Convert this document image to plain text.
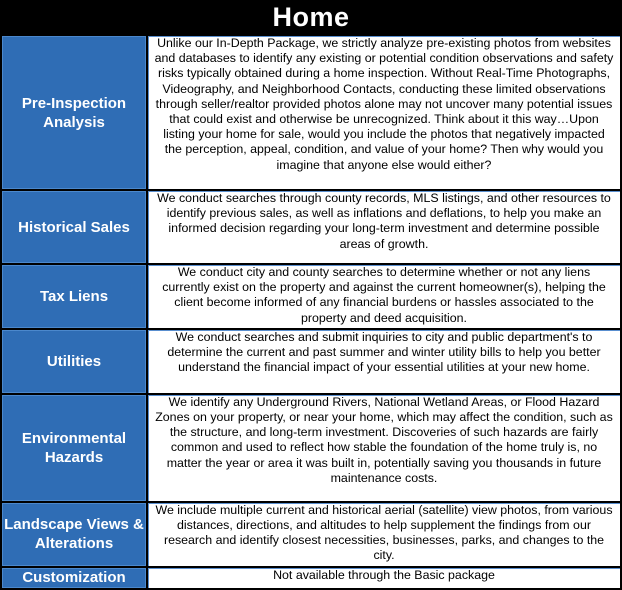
Home
Pre-Inspection Analysis	Unlike our In-Depth Package, we strictly analyze pre-existing photos from websites and databases to identify any existing or potential condition observations and safety risks typically obtained during a home inspection. Without Real-Time Photographs, Videography, and Neighborhood Contacts, conducting these limited observations through seller/realtor provided photos alone may not uncover many potential issues that could exist and otherwise be unrecognized. Think about it this way…Upon listing your home for sale, would you include the photos that negatively impacted the perception, appeal, condition, and value of your home? Then why would you imagine that anyone else would either?
Historical Sales	We conduct searches through county records, MLS listings, and other resources to identify previous sales, as well as inflations and deflations, to help you make an informed decision regarding your long-term investment and determine possible areas of growth.
Tax Liens	We conduct city and county searches to determine whether or not any liens currently exist on the property and against the current homeowner(s), helping the client become informed of any financial burdens or hassles associated to the property and deed acquisition.
Utilities	We conduct searches and submit inquiries to city and public department's to determine the current and past summer and winter utility bills to help you better understand the financial impact of your essential utilities at your new home.
Environmental Hazards	We identify any Underground Rivers, National Wetland Areas, or Flood Hazard Zones on your property, or near your home, which may affect the condition, such as the structure, and long-term investment. Discoveries of such hazards are fairly common and used to reflect how stable the foundation of the home truly is, no matter the year or area it was built in, potentially saving you thousands in future maintenance costs.
Landscape Views & Alterations	We include multiple current and historical aerial (satellite) view photos, from various distances, directions, and altitudes to help supplement the findings from our research and identify closest necessities, businesses, parks, and changes to the city.
Customization	Not available through the Basic package
